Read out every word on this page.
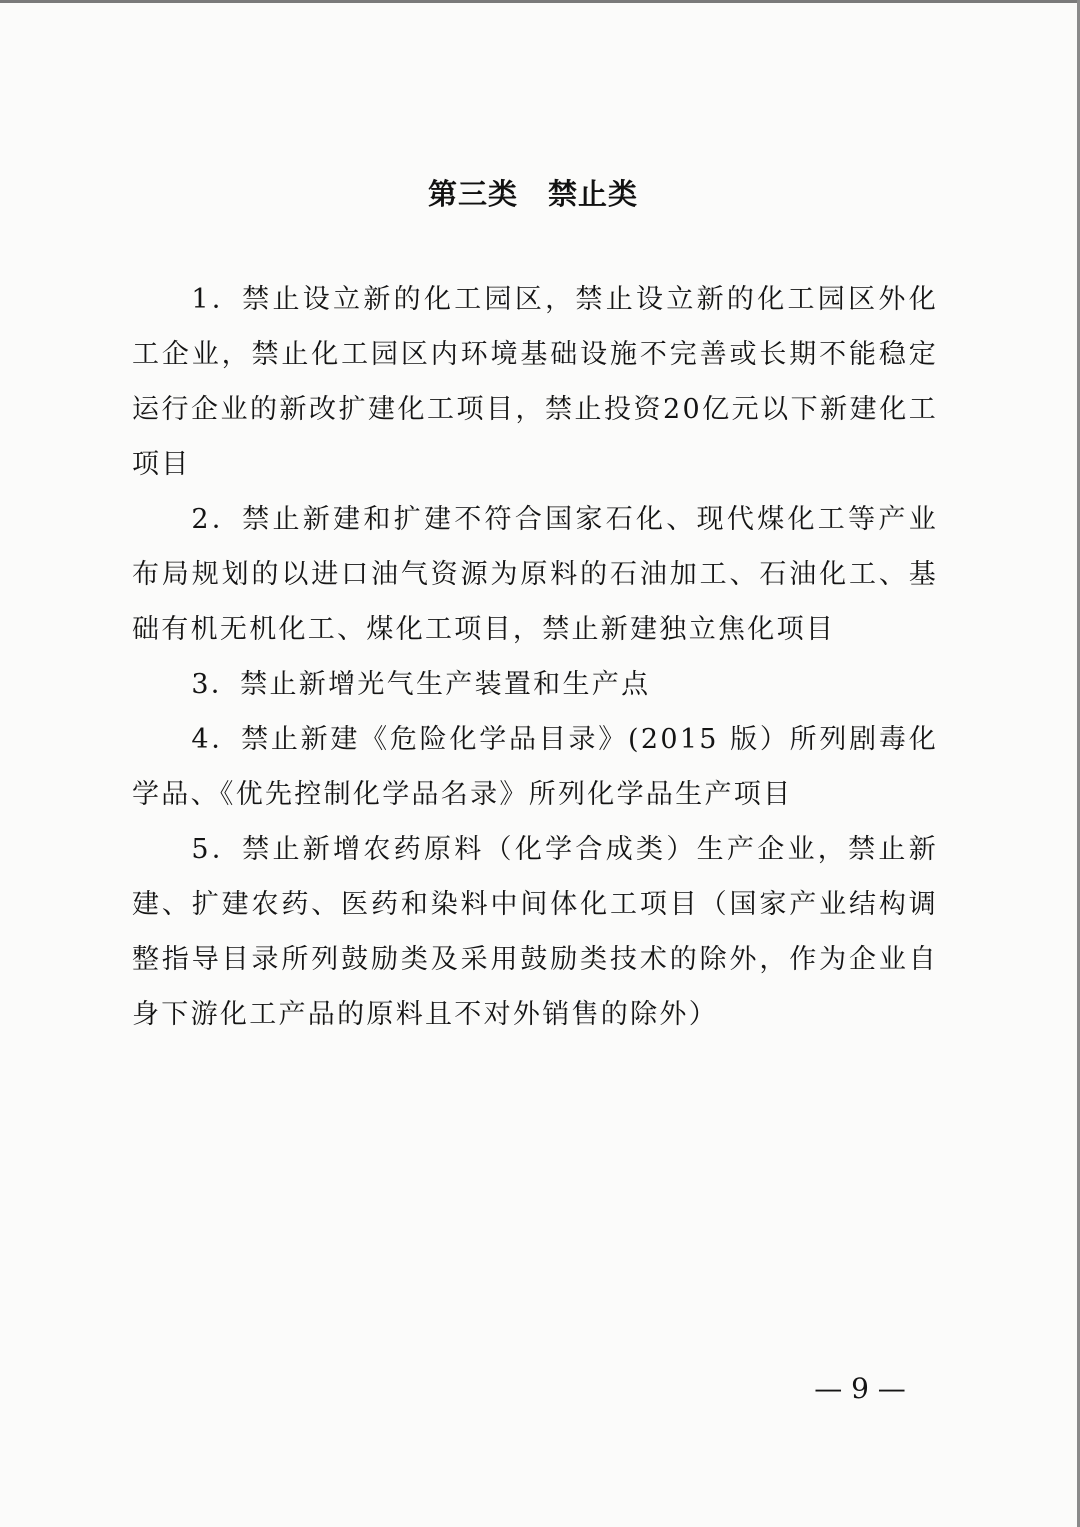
第三类　禁止类

1．禁止设立新的化工园区，禁止设立新的化工园区外化工企业，禁止化工园区内环境基础设施不完善或长期不能稳定运行企业的新改扩建化工项目，禁止投资20亿元以下新建化工项目

2．禁止新建和扩建不符合国家石化、现代煤化工等产业布局规划的以进口油气资源为原料的石油加工、石油化工、基础有机无机化工、煤化工项目，禁止新建独立焦化项目

3．禁止新增光气生产装置和生产点

4．禁止新建《危险化学品目录》(2015 版）所列剧毒化学品、《优先控制化学品名录》所列化学品生产项目

5．禁止新增农药原料（化学合成类）生产企业，禁止新建、扩建农药、医药和染料中间体化工项目（国家产业结构调整指导目录所列鼓励类及采用鼓励类技术的除外，作为企业自身下游化工产品的原料且不对外销售的除外）

— 9 —
